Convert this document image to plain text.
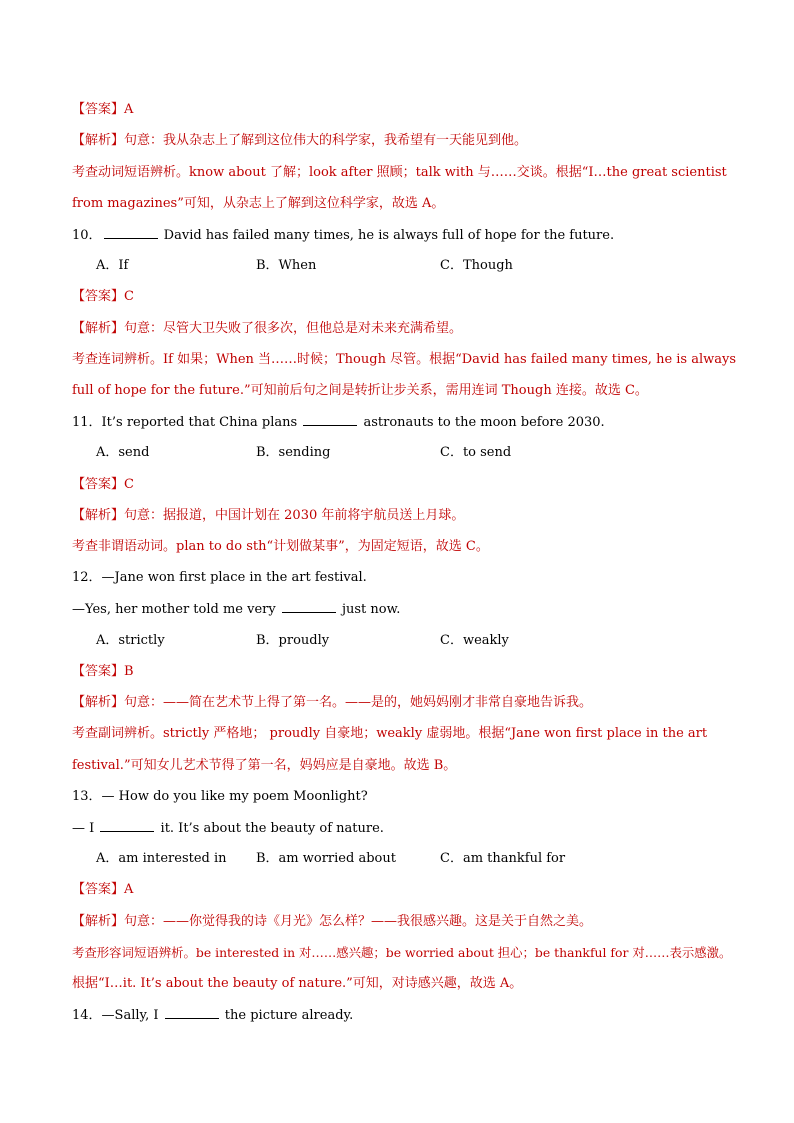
【答案】A
【解析】句意：我从杂志上了解到这位伟大的科学家，我希望有一天能见到他。
考查动词短语辨析。know about 了解；look after 照顾；talk with 与……交谈。根据“I…the great scientist
from magazines”可知，从杂志上了解到这位科学家，故选 A。
10．	David has failed many times, he is always full of hope for the future.
A．If	B．When	C．Though
【答案】C
【解析】句意：尽管大卫失败了很多次，但他总是对未来充满希望。
考查连词辨析。If 如果；When 当……时候；Though 尽管。根据“David has failed many times, he is always
full of hope for the future.”可知前后句之间是转折让步关系，需用连词 Though 连接。故选 C。
11．It’s reported that China plans	astronauts to the moon before 2030.
A．send	B．sending	C．to send
【答案】C
【解析】句意：据报道，中国计划在 2030 年前将宇航员送上月球。
考查非谓语动词。plan to do sth“计划做某事”，为固定短语，故选 C。
12．—Jane won first place in the art festival.
—Yes, her mother told me very	just now.
A．strictly	B．proudly	C．weakly
【答案】B
【解析】句意：——简在艺术节上得了第一名。——是的，她妈妈刚才非常自豪地告诉我。
考查副词辨析。strictly 严格地； proudly 自豪地；weakly 虚弱地。根据“Jane won first place in the art
festival.”可知女儿艺术节得了第一名，妈妈应是自豪地。故选 B。
13．— How do you like my poem Moonlight?
— I	it. It’s about the beauty of nature.
A．am interested in B．am worried about	C．am thankful for
【答案】A
【解析】句意：——你觉得我的诗《月光》怎么样？——我很感兴趣。这是关于自然之美。
考查形容词短语辨析。be interested in 对……感兴趣；be worried about 担心；be thankful for 对……表示感激。
根据“I…it. It’s about the beauty of nature.”可知，对诗感兴趣，故选 A。
14．—Sally, I	the picture already.
